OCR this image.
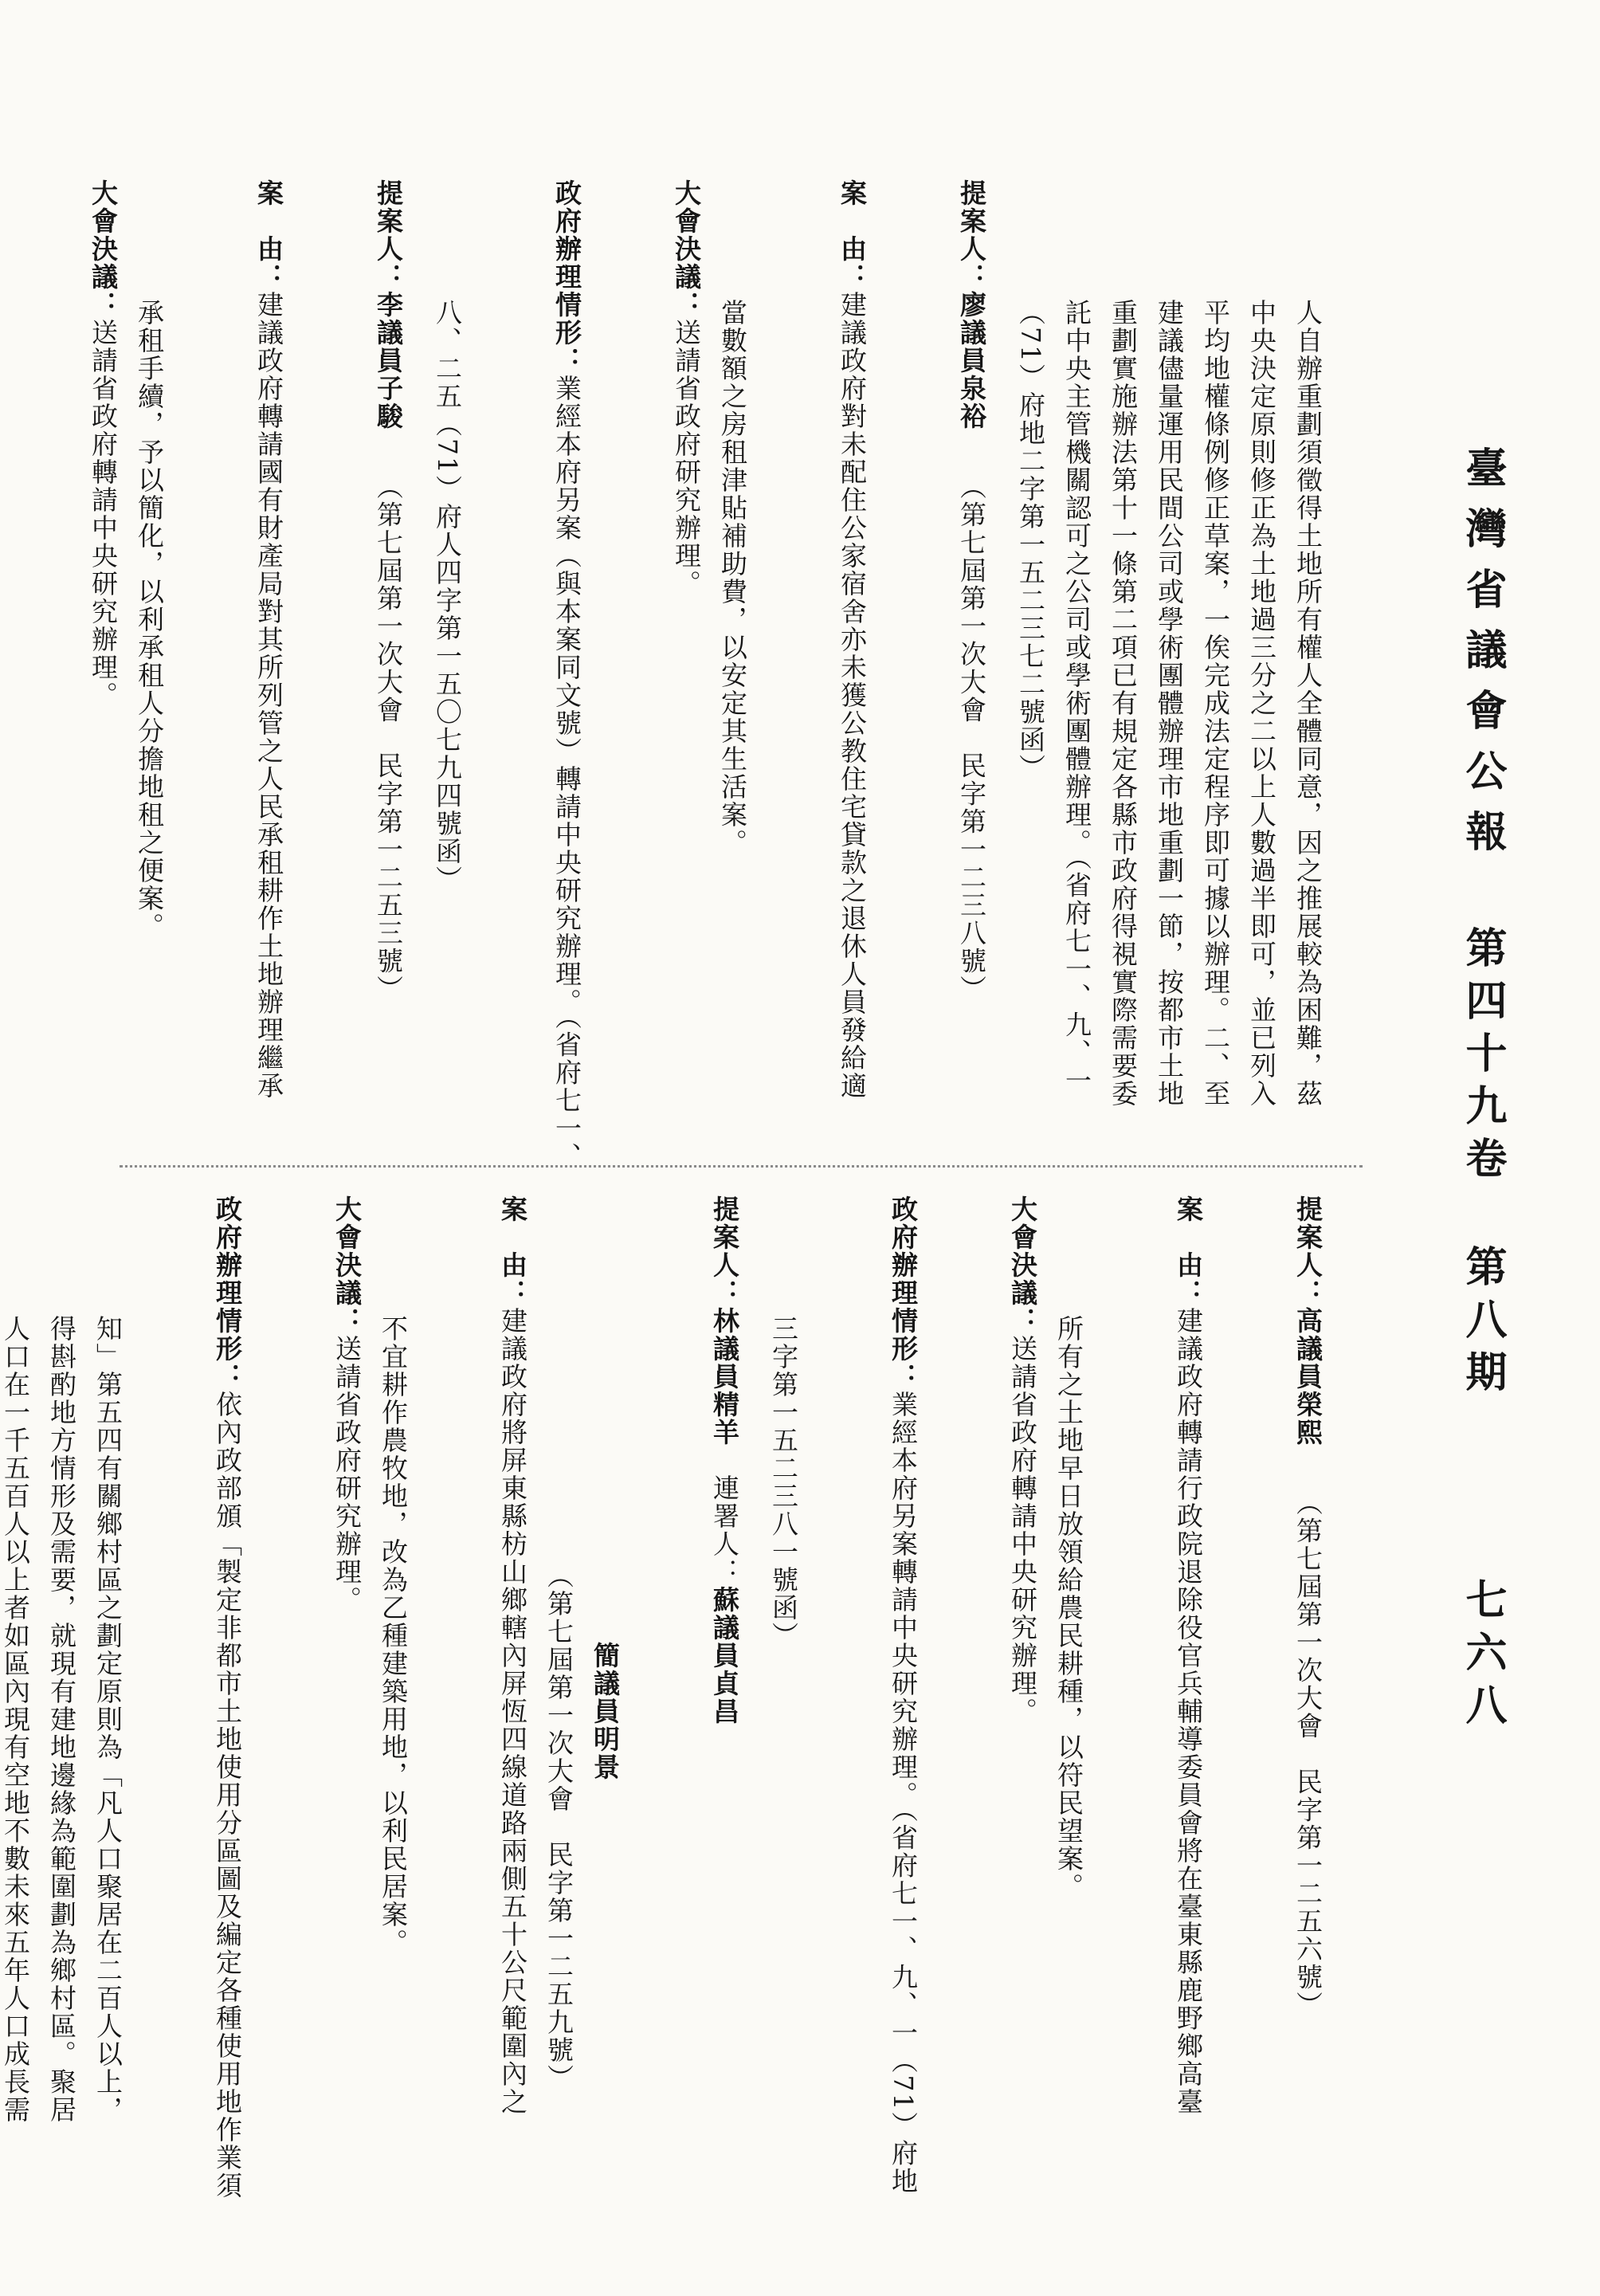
臺灣省議會公報
第四十九卷
第八期
七六八
人自辦重劃須徵得土地所有權人全體同意，因之推展較為困難，茲
中央決定原則修正為土地過三分之二以上人數過半即可，並已列入
平均地權條例修正草案，一俟完成法定程序即可據以辦理。二、至
建議儘量運用民間公司或學術團體辦理市地重劃一節，按都市土地
重劃實施辦法第十一條第二項已有規定各縣市政府得視實際需要委
託中央主管機關認可之公司或學術團體辦理。（省府七一、九、一
（71）府地二字第一五二三七二號函）
提案人：廖議員泉裕　　（第七屆第一次大會　民字第一二三八號）
案　由：建議政府對未配住公家宿舍亦未獲公教住宅貸款之退休人員發給適
當數額之房租津貼補助費，以安定其生活案。
大會決議：送請省政府研究辦理。
政府辦理情形：業經本府另案（與本案同文號）轉請中央研究辦理。（省府七一、
八、二五（71）府人四字第一五〇七九四號函）
提案人：李議員子駿　　（第七屆第一次大會　民字第一二五三號）
案　由：建議政府轉請國有財產局對其所列管之人民承租耕作土地辦理繼承
承租手續，予以簡化，以利承租人分擔地租之便案。
大會決議：送請省政府轉請中央研究辦理。

提案人：高議員榮熙　　（第七屆第一次大會　民字第一二五六號）
案　由：建議政府轉請行政院退除役官兵輔導委員會將在臺東縣鹿野鄉高臺
所有之土地早日放領給農民耕種，以符民望案。
大會決議：送請省政府轉請中央研究辦理。
政府辦理情形：業經本府另案轉請中央研究辦理。（省府七一、九、一（71）府地
三字第一五二三八一號函）
提案人：林議員精羊　連署人：蘇議員貞昌
簡議員明景
（第七屆第一次大會　民字第一二五九號）
案　由：建議政府將屏東縣枋山鄉轄內屏恆四線道路兩側五十公尺範圍內之
不宜耕作農牧地，改為乙種建築用地，以利民居案。
大會決議：送請省政府研究辦理。
政府辦理情形：依內政部頒「製定非都市土地使用分區圖及編定各種使用地作業須
知」第五四有關鄉村區之劃定原則為「凡人口聚居在二百人以上，
得斟酌地方情形及需要，就現有建地邊緣為範圍劃為鄉村區。聚居
人口在一千五百人以上者如區內現有空地不數未來五年人口成長需
